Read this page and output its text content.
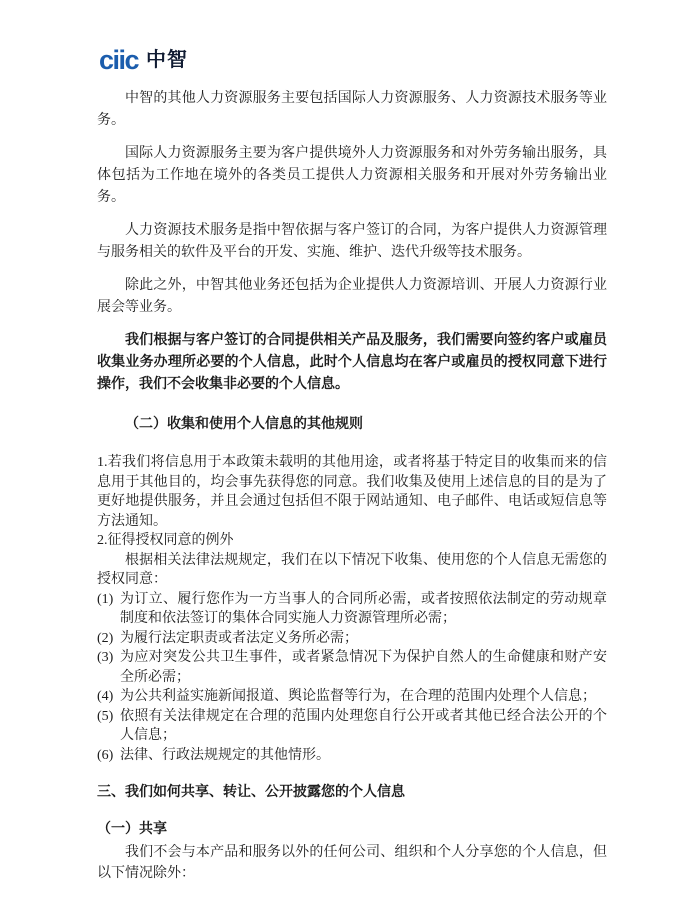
ciic 中智

中智的其他人力资源服务主要包括国际人力资源服务、人力资源技术服务等业务。

国际人力资源服务主要为客户提供境外人力资源服务和对外劳务输出服务，具体包括为工作地在境外的各类员工提供人力资源相关服务和开展对外劳务输出业务。

人力资源技术服务是指中智依据与客户签订的合同，为客户提供人力资源管理与服务相关的软件及平台的开发、实施、维护、迭代升级等技术服务。

除此之外，中智其他业务还包括为企业提供人力资源培训、开展人力资源行业展会等业务。

我们根据与客户签订的合同提供相关产品及服务，我们需要向签约客户或雇员收集业务办理所必要的个人信息，此时个人信息均在客户或雇员的授权同意下进行操作，我们不会收集非必要的个人信息。

（二）收集和使用个人信息的其他规则

1.若我们将信息用于本政策未载明的其他用途，或者将基于特定目的收集而来的信息用于其他目的，均会事先获得您的同意。我们收集及使用上述信息的目的是为了更好地提供服务，并且会通过包括但不限于网站通知、电子邮件、电话或短信息等方法通知。

2.征得授权同意的例外

根据相关法律法规规定，我们在以下情况下收集、使用您的个人信息无需您的授权同意：

(1) 为订立、履行您作为一方当事人的合同所必需，或者按照依法制定的劳动规章制度和依法签订的集体合同实施人力资源管理所必需；
(2) 为履行法定职责或者法定义务所必需；
(3) 为应对突发公共卫生事件，或者紧急情况下为保护自然人的生命健康和财产安全所必需；
(4) 为公共利益实施新闻报道、舆论监督等行为，在合理的范围内处理个人信息；
(5) 依照有关法律规定在合理的范围内处理您自行公开或者其他已经合法公开的个人信息；
(6) 法律、行政法规规定的其他情形。

三、我们如何共享、转让、公开披露您的个人信息

（一）共享

我们不会与本产品和服务以外的任何公司、组织和个人分享您的个人信息，但以下情况除外：
